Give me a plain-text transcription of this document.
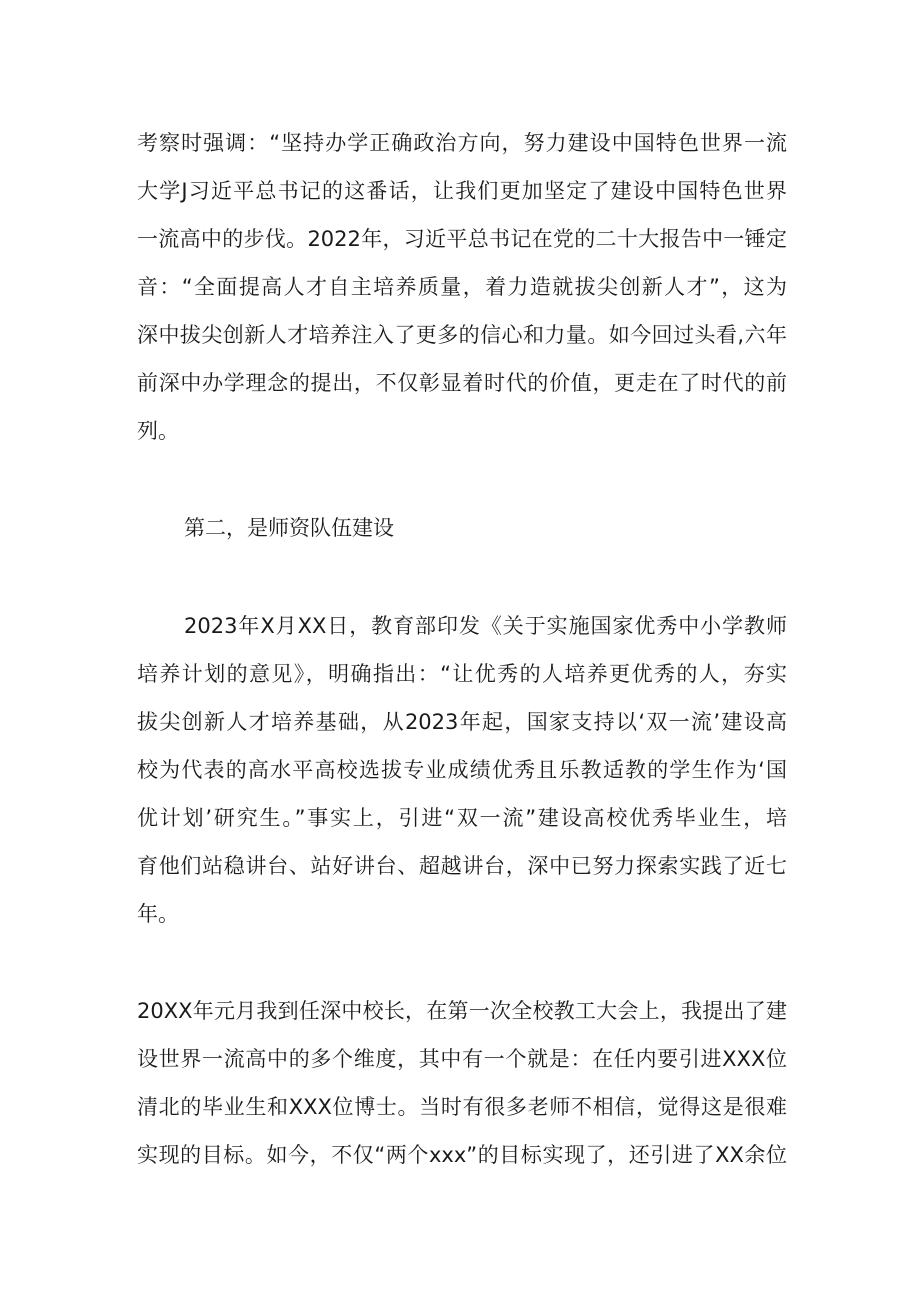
考察时强调：“坚持办学正确政治方向，努力建设中国特色世界一流
大学J习近平总书记的这番话，让我们更加坚定了建设中国特色世界
一流高中的步伐。2022年，习近平总书记在党的二十大报告中一锤定
音：“全面提高人才自主培养质量，着力造就拔尖创新人才”，这为
深中拔尖创新人才培养注入了更多的信心和力量。如今回过头看,六年
前深中办学理念的提出，不仅彰显着时代的价值，更走在了时代的前
列。
第二，是师资队伍建设
2023年X月XX日，教育部印发《关于实施国家优秀中小学教师
培养计划的意见》，明确指出：“让优秀的人培养更优秀的人，夯实
拔尖创新人才培养基础，从2023年起，国家支持以‘双一流’建设高
校为代表的高水平高校选拔专业成绩优秀且乐教适教的学生作为‘国
优计划’研究生。”事实上，引进“双一流”建设高校优秀毕业生，培
育他们站稳讲台、站好讲台、超越讲台，深中已努力探索实践了近七
年。
20XX年元月我到任深中校长，在第一次全校教工大会上，我提出了建
设世界一流高中的多个维度，其中有一个就是：在任内要引进XXX位
清北的毕业生和XXX位博士。当时有很多老师不相信，觉得这是很难
实现的目标。如今，不仅“两个xxx”的目标实现了，还引进了XX余位
